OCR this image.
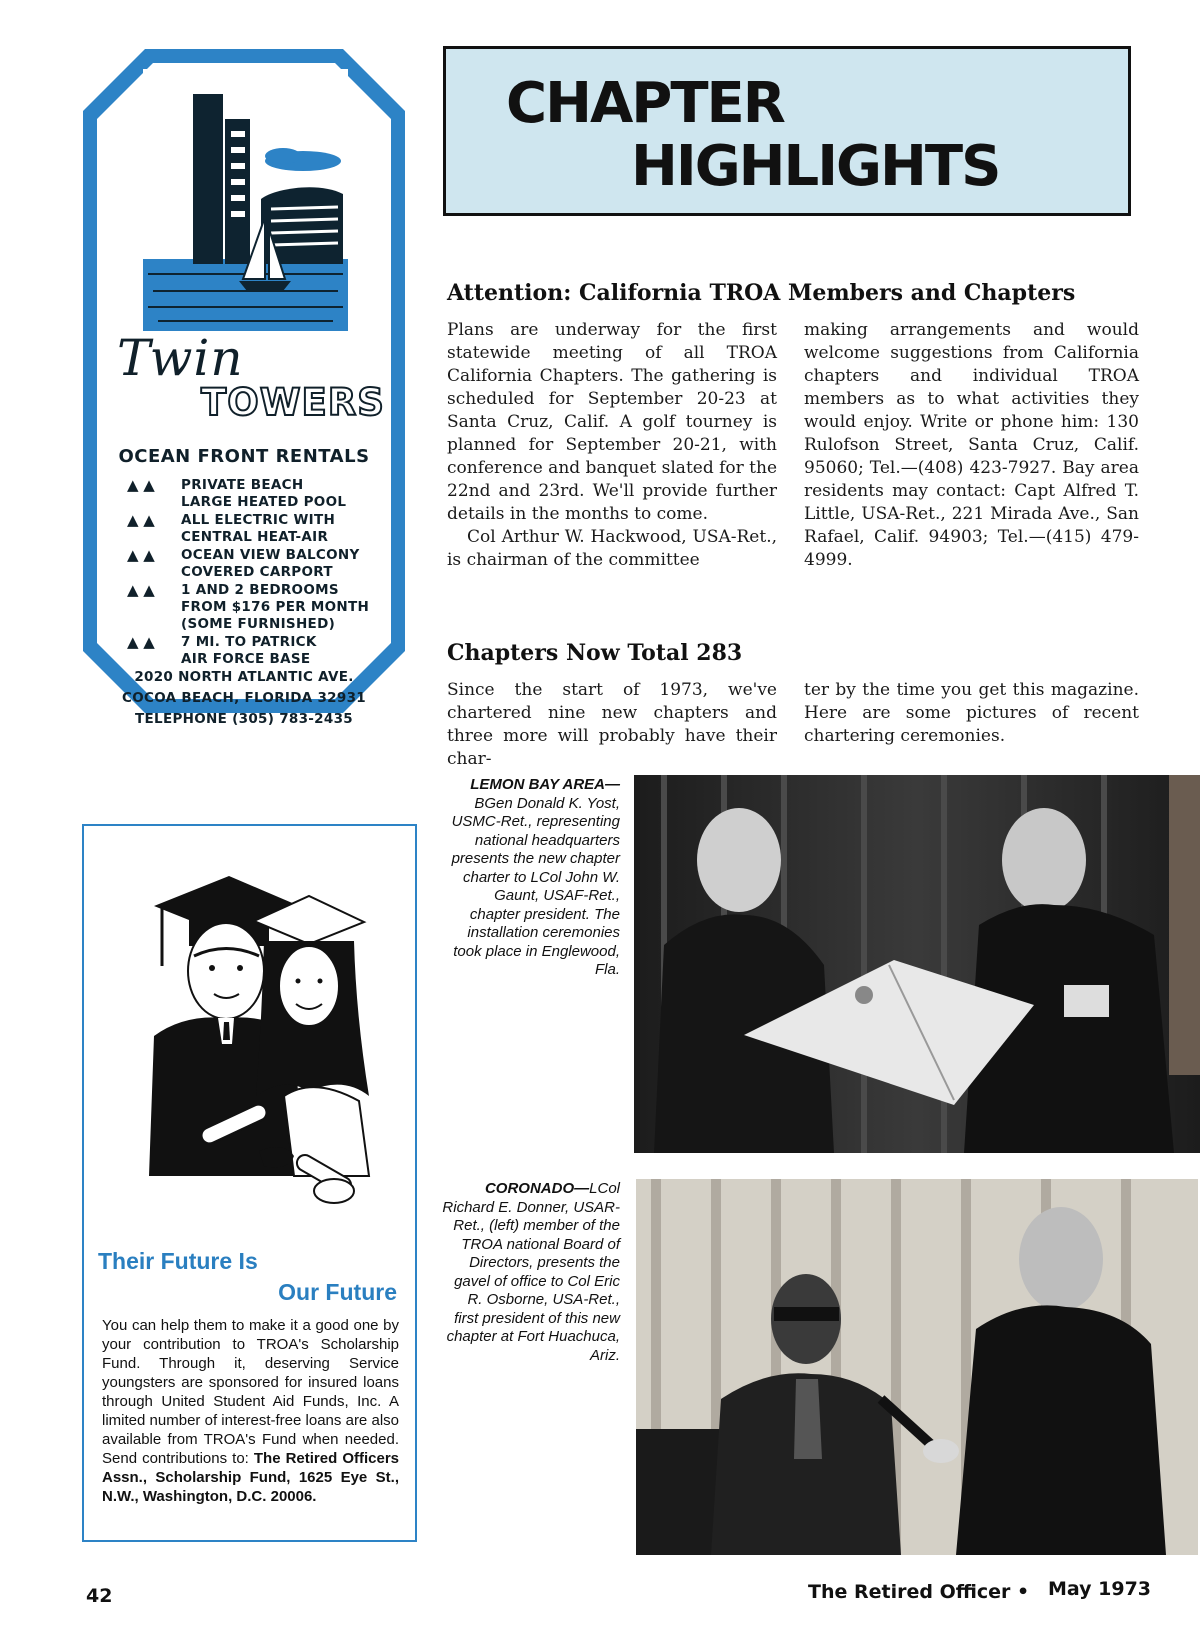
Twin
TOWERS
OCEAN FRONT RENTALS
▲ ▲	PRIVATE BEACH
LARGE HEATED POOL
▲ ▲	ALL ELECTRIC WITH
CENTRAL HEAT-AIR
▲ ▲	OCEAN VIEW BALCONY
COVERED CARPORT
▲ ▲	1 AND 2 BEDROOMS
FROM $176 PER MONTH
(SOME FURNISHED)
▲ ▲	7 MI. TO PATRICK
AIR FORCE BASE
2020 NORTH ATLANTIC AVE.
COCOA BEACH, FLORIDA 32931
TELEPHONE (305) 783-2435
Their Future Is
Our Future
You can help them to make it a good one by your contribution to TROA's Scholarship Fund. Through it, deserving Service youngsters are sponsored for insured loans through United Student Aid Funds, Inc. A limited number of interest-free loans are also available from TROA's Fund when needed. Send contributions to: The Retired Officers Assn., Scholarship Fund, 1625 Eye St., N.W., Washington, D.C. 20006.
CHAPTER
HIGHLIGHTS
Attention: California TROA Members and Chapters

Plans are underway for the first statewide meeting of all TROA California Chapters. The gathering is scheduled for September 20-23 at Santa Cruz, Calif. A golf tourney is planned for September 20-21, with conference and banquet slated for the 22nd and 23rd. We'll provide further details in the months to come.

Col Arthur W. Hackwood, USA-Ret., is chairman of the committee

making arrangements and would welcome suggestions from California chapters and individual TROA members as to what activities they would enjoy. Write or phone him: 130 Rulofson Street, Santa Cruz, Calif. 95060; Tel.—(408) 423-7927. Bay area residents may contact: Capt Alfred T. Little, USA-Ret., 221 Mirada Ave., San Rafael, Calif. 94903; Tel.—(415) 479-4999.

Chapters Now Total 283

Since the start of 1973, we've chartered nine new chapters and three more will probably have their char-

ter by the time you get this magazine. Here are some pictures of recent chartering ceremonies.

LEMON BAY AREA—BGen Donald K. Yost, USMC-Ret., representing national headquarters presents the new chapter charter to LCol John W. Gaunt, USAF-Ret., chapter president. The installation ceremonies took place in Englewood, Fla.
CORONADO—LCol Richard E. Donner, USAR-Ret., (left) member of the TROA national Board of Directors, presents the gavel of office to Col Eric R. Osborne, USA-Ret., first president of this new chapter at Fort Huachuca, Ariz.
42	The Retired Officer • May 1973
